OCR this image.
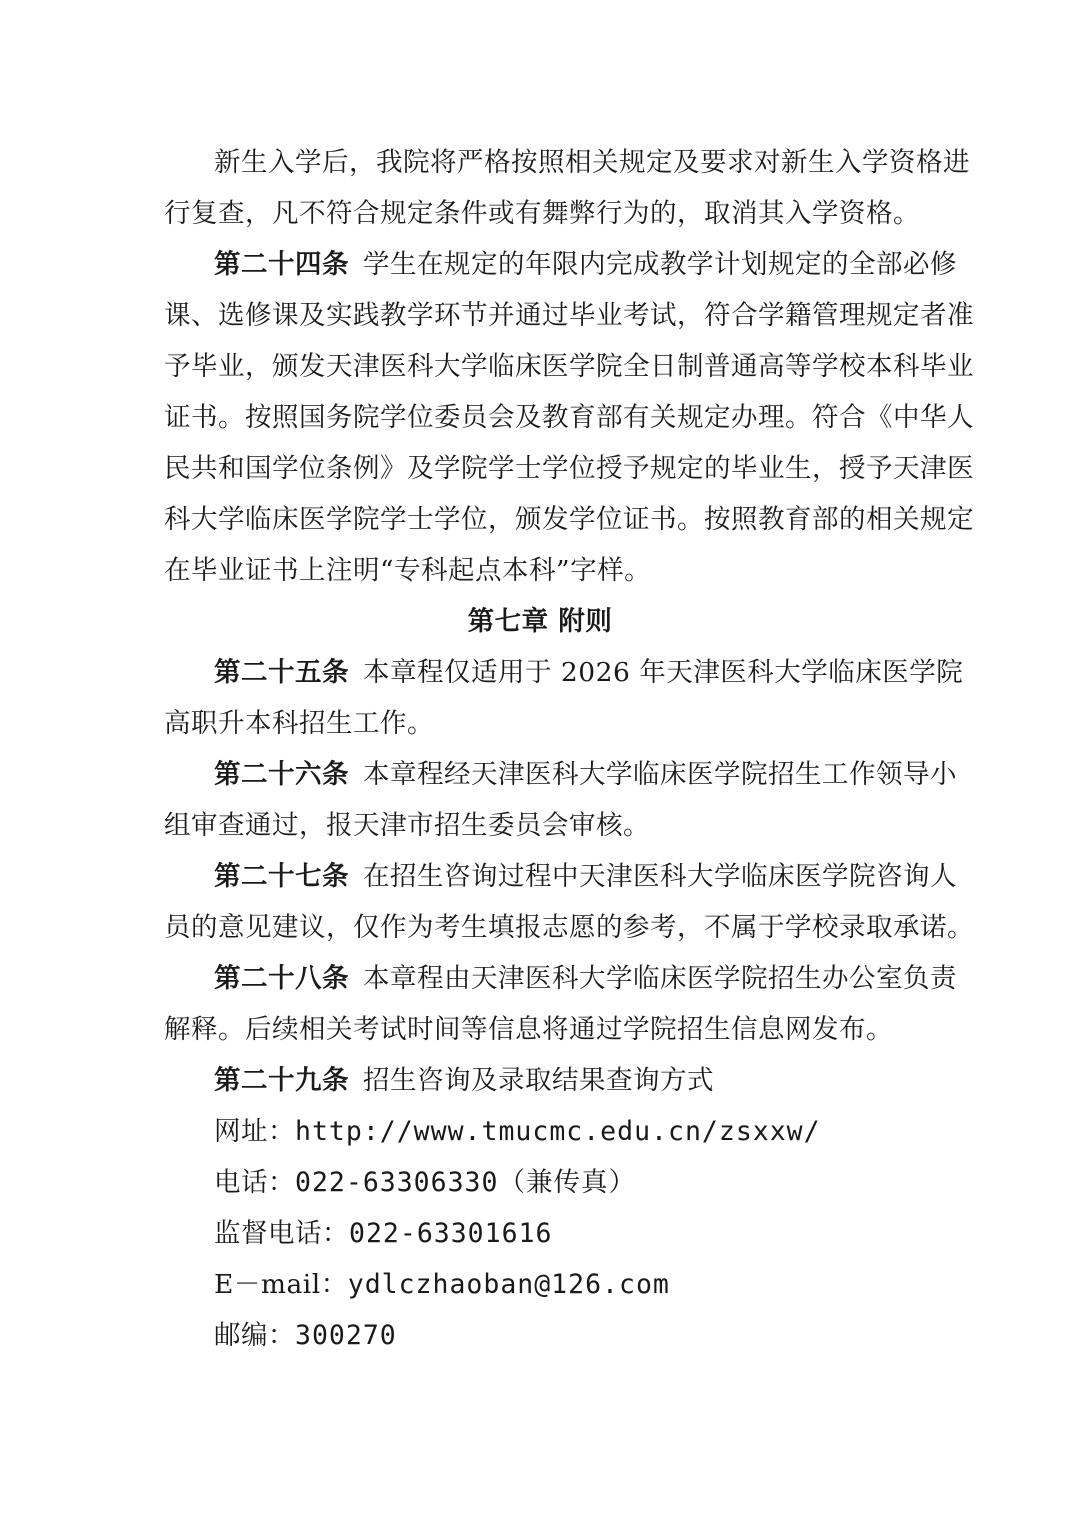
新生入学后，我院将严格按照相关规定及要求对新生入学资格进
行复查，凡不符合规定条件或有舞弊行为的，取消其入学资格。
第二十四条 学生在规定的年限内完成教学计划规定的全部必修
课、选修课及实践教学环节并通过毕业考试，符合学籍管理规定者准
予毕业，颁发天津医科大学临床医学院全日制普通高等学校本科毕业
证书。按照国务院学位委员会及教育部有关规定办理。符合《中华人
民共和国学位条例》及学院学士学位授予规定的毕业生，授予天津医
科大学临床医学院学士学位，颁发学位证书。按照教育部的相关规定
在毕业证书上注明“专科起点本科”字样。
第七章 附则
第二十五条 本章程仅适用于 2026 年天津医科大学临床医学院
高职升本科招生工作。
第二十六条 本章程经天津医科大学临床医学院招生工作领导小
组审查通过，报天津市招生委员会审核。
第二十七条 在招生咨询过程中天津医科大学临床医学院咨询人
员的意见建议，仅作为考生填报志愿的参考，不属于学校录取承诺。
第二十八条 本章程由天津医科大学临床医学院招生办公室负责
解释。后续相关考试时间等信息将通过学院招生信息网发布。
第二十九条 招生咨询及录取结果查询方式
网址：http://www.tmucmc.edu.cn/zsxxw/
电话：022-63306330（兼传真）
监督电话：022-63301616
E－mail：ydlczhaoban@126.com
邮编：300270
